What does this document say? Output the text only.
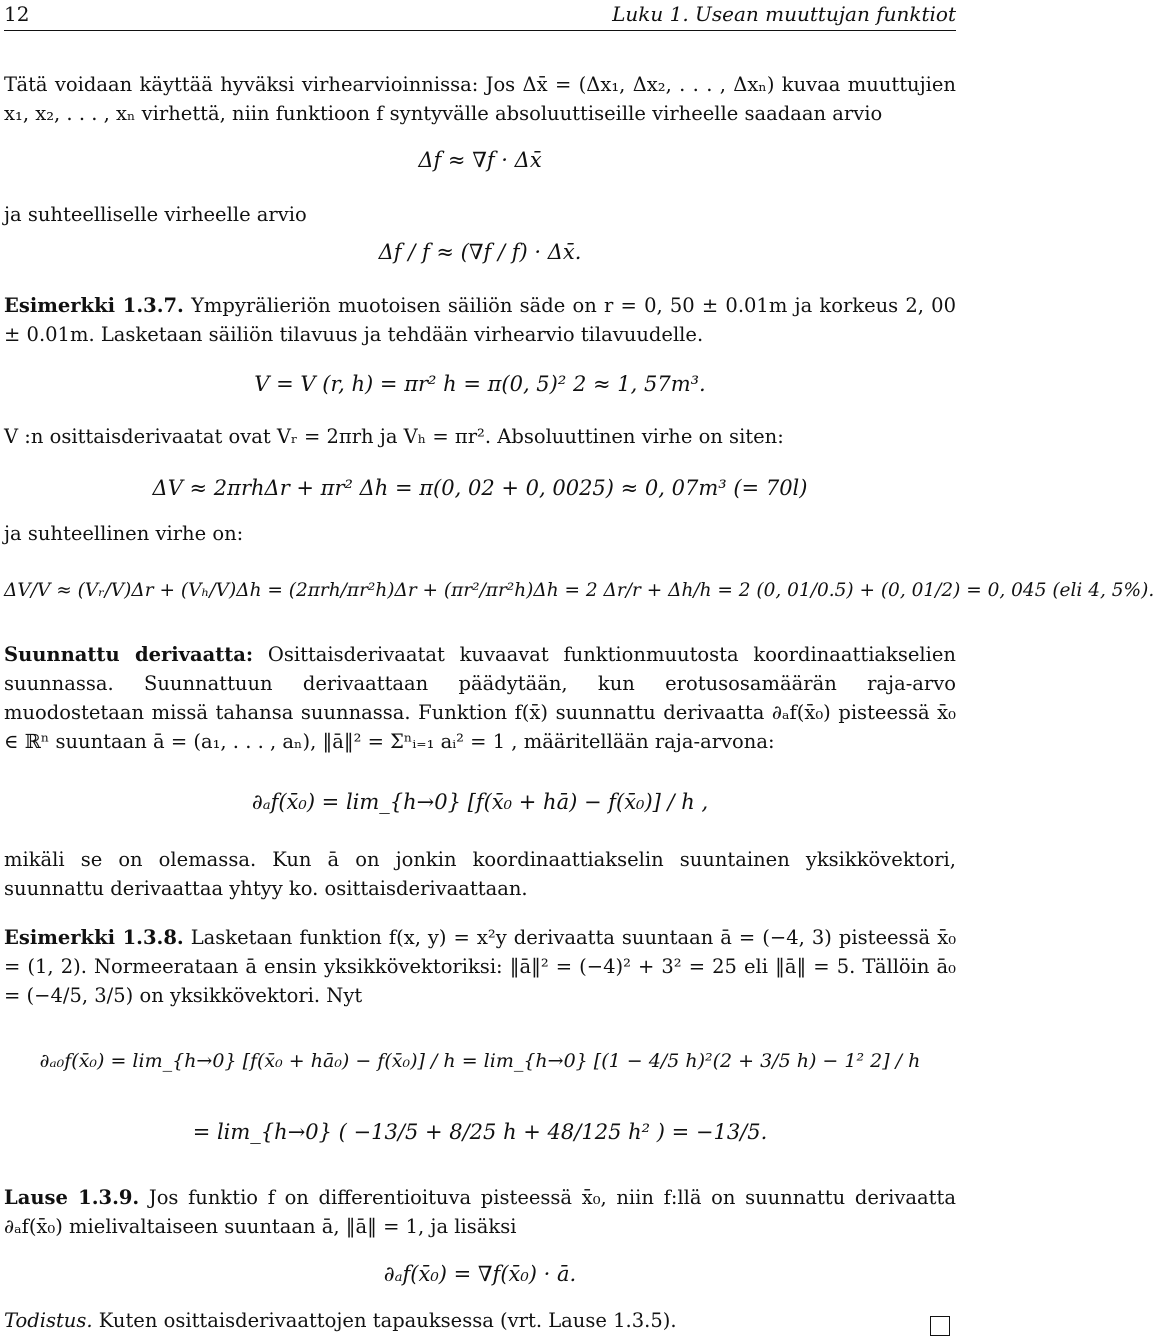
12	Luku 1. Usean muuttujan funktiot

Tätä voidaan käyttää hyväksi virhearvioinnissa: Jos Δx̄ = (Δx₁, Δx₂, . . . , Δxₙ) kuvaa muuttujien x₁, x₂, . . . , xₙ virhettä, niin funktioon f syntyvälle absoluuttiseille virheelle saadaan arvio

Δf ≈ ∇f · Δx̄
ja suhteelliselle virheelle arvio
Δf / f ≈ (∇f / f) · Δx̄.

Esimerkki 1.3.7. Ympyrälieriön muotoisen säiliön säde on r = 0, 50 ± 0.01m ja korkeus 2, 00 ± 0.01m. Lasketaan säiliön tilavuus ja tehdään virhearvio tilavuudelle.

V = V (r, h) = πr² h = π(0, 5)² 2 ≈ 1, 57m³.

V :n osittaisderivaatat ovat Vᵣ = 2πrh ja Vₕ = πr². Absoluuttinen virhe on siten:

ΔV ≈ 2πrhΔr + πr² Δh = π(0, 02 + 0, 0025) ≈ 0, 07m³ (= 70l)
ja suhteellinen virhe on:
ΔV/V ≈ (Vᵣ/V)Δr + (Vₕ/V)Δh = (2πrh/πr²h)Δr + (πr²/πr²h)Δh = 2 Δr/r + Δh/h = 2 (0, 01/0.5) + (0, 01/2) = 0, 045 (eli 4, 5%).

Suunnattu derivaatta: Osittaisderivaatat kuvaavat funktionmuutosta koordinaattiakselien suunnassa. Suunnattuun derivaattaan päädytään, kun erotusosamäärän raja-arvo muodostetaan missä tahansa suunnassa. Funktion f(x̄) suunnattu derivaatta ∂ₐf(x̄₀) pisteessä x̄₀ ∈ ℝⁿ suuntaan ā = (a₁, . . . , aₙ), ‖ā‖² = Σⁿᵢ₌₁ aᵢ² = 1 , määritellään raja-arvona:

∂ₐf(x̄₀) = lim_{h→0} [f(x̄₀ + hā) − f(x̄₀)] / h ,

mikäli se on olemassa. Kun ā on jonkin koordinaattiakselin suuntainen yksikkövektori, suunnattu derivaattaa yhtyy ko. osittaisderivaattaan.

Esimerkki 1.3.8. Lasketaan funktion f(x, y) = x²y derivaatta suuntaan ā = (−4, 3) pisteessä x̄₀ = (1, 2). Normeerataan ā ensin yksikkövektoriksi: ‖ā‖² = (−4)² + 3² = 25 eli ‖ā‖ = 5. Tällöin ā₀ = (−4/5, 3/5) on yksikkövektori. Nyt

∂ₐ₀f(x̄₀) = lim_{h→0} [f(x̄₀ + hā₀) − f(x̄₀)] / h = lim_{h→0} [(1 − 4/5 h)²(2 + 3/5 h) − 1² 2] / h
= lim_{h→0} ( −13/5 + 8/25 h + 48/125 h² ) = −13/5.

Lause 1.3.9. Jos funktio f on differentioituva pisteessä x̄₀, niin f:llä on suunnattu derivaatta ∂ₐf(x̄₀) mielivaltaiseen suuntaan ā, ‖ā‖ = 1, ja lisäksi

∂ₐf(x̄₀) = ∇f(x̄₀) · ā.
Todistus. Kuten osittaisderivaattojen tapauksessa (vrt. Lause 1.3.5).
